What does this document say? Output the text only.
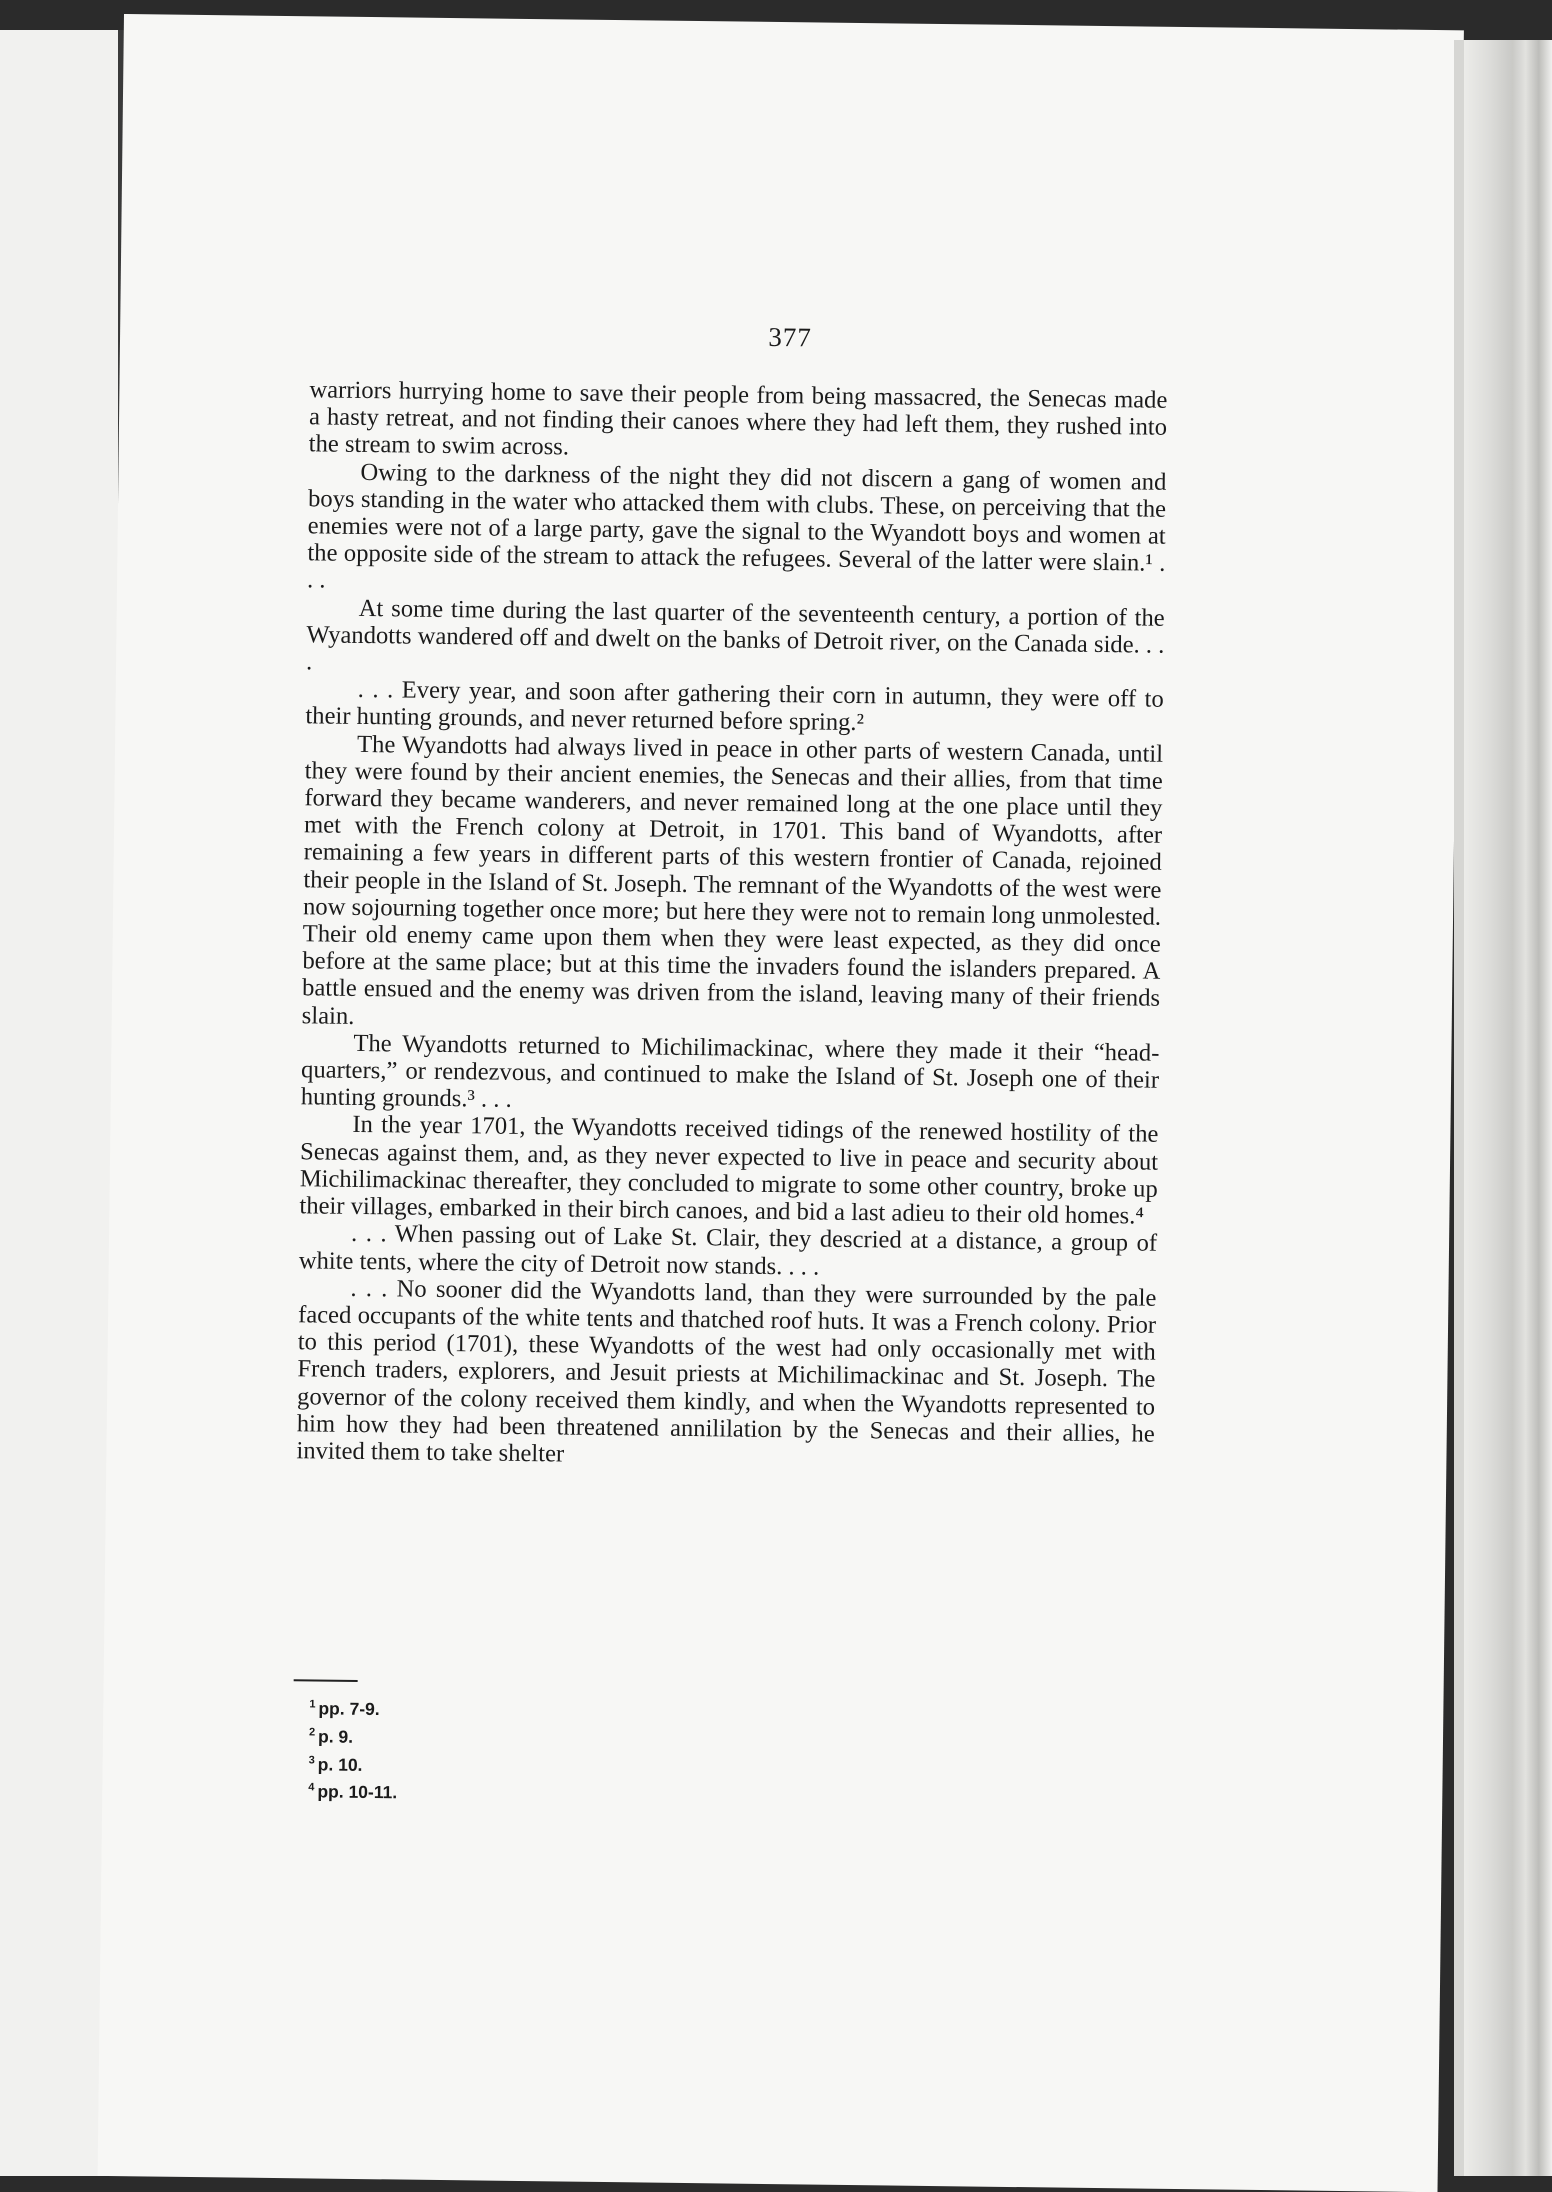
377

warriors hurrying home to save their people from being massacred, the Senecas made a hasty retreat, and not finding their canoes where they had left them, they rushed into the stream to swim across.

Owing to the darkness of the night they did not discern a gang of women and boys standing in the water who attacked them with clubs. These, on perceiving that the enemies were not of a large party, gave the signal to the Wyandott boys and women at the opposite side of the stream to attack the refugees. Several of the latter were slain.¹ . . .

At some time during the last quarter of the seventeenth century, a portion of the Wyandotts wandered off and dwelt on the banks of Detroit river, on the Canada side. . . .

. . . Every year, and soon after gathering their corn in autumn, they were off to their hunting grounds, and never returned before spring.²

The Wyandotts had always lived in peace in other parts of western Canada, until they were found by their ancient enemies, the Senecas and their allies, from that time forward they became wanderers, and never remained long at the one place until they met with the French colony at Detroit, in 1701. This band of Wyandotts, after remaining a few years in different parts of this western frontier of Canada, rejoined their people in the Island of St. Joseph. The remnant of the Wyandotts of the west were now sojourning together once more; but here they were not to remain long unmolested. Their old enemy came upon them when they were least expected, as they did once before at the same place; but at this time the invaders found the islanders prepared. A battle ensued and the enemy was driven from the island, leaving many of their friends slain.

The Wyandotts returned to Michilimackinac, where they made it their “head-quarters,” or rendezvous, and continued to make the Island of St. Joseph one of their hunting grounds.³ . . .

In the year 1701, the Wyandotts received tidings of the renewed hostility of the Senecas against them, and, as they never expected to live in peace and security about Michilimackinac thereafter, they concluded to migrate to some other country, broke up their villages, embarked in their birch canoes, and bid a last adieu to their old homes.⁴

. . . When passing out of Lake St. Clair, they descried at a distance, a group of white tents, where the city of Detroit now stands. . . .

. . . No sooner did the Wyandotts land, than they were surrounded by the pale faced occupants of the white tents and thatched roof huts. It was a French colony. Prior to this period (1701), these Wyandotts of the west had only occasionally met with French traders, explorers, and Jesuit priests at Michilimackinac and St. Joseph. The governor of the colony received them kindly, and when the Wyandotts represented to him how they had been threatened annililation by the Senecas and their allies, he invited them to take shelter

$^1$ pp. 7-9.
$^2$ p. 9.
$^3$ p. 10.
$^4$ pp. 10-11.
